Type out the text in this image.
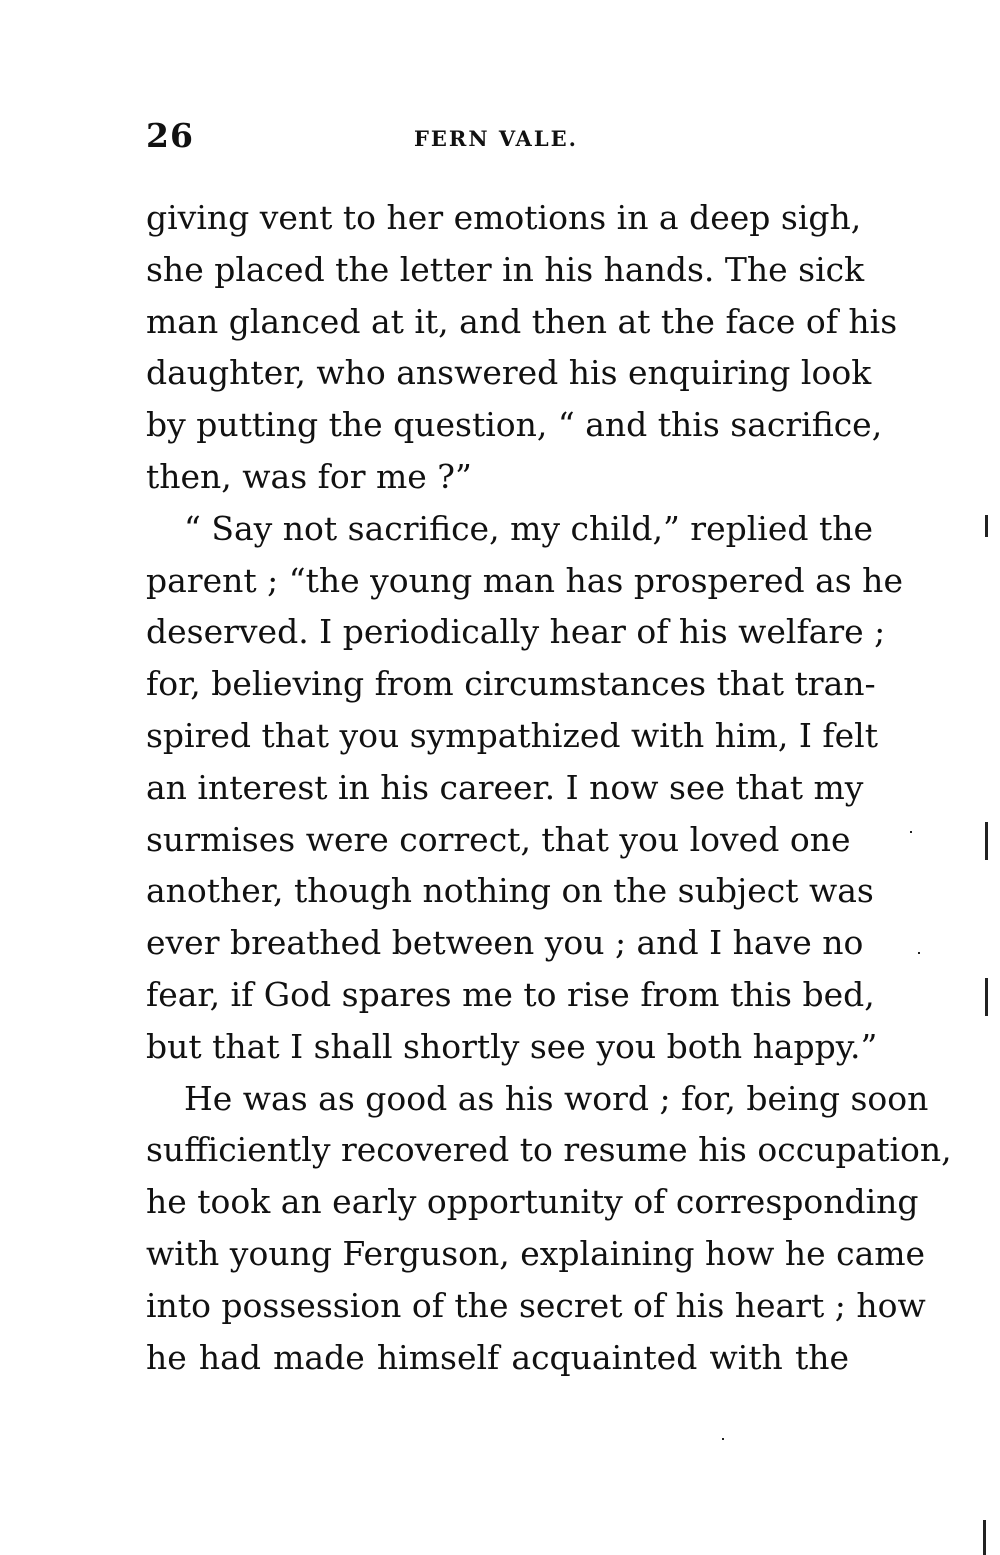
26	FERN VALE.
giving vent to her emotions in a deep sigh,
she placed the letter in his hands. The sick
man glanced at it, and then at the face of his
daughter, who answered his enquiring look
by putting the question, “ and this sacrifice,
then, was for me ?”
“ Say not sacrifice, my child,” replied the
parent ; “the young man has prospered as he
deserved. I periodically hear of his welfare ;
for, believing from circumstances that tran-
spired that you sympathized with him, I felt
an interest in his career. I now see that my
surmises were correct, that you loved one
another, though nothing on the subject was
ever breathed between you ; and I have no
fear, if God spares me to rise from this bed,
but that I shall shortly see you both happy.”
He was as good as his word ; for, being soon
sufficiently recovered to resume his occupation,
he took an early opportunity of corresponding
with young Ferguson, explaining how he came
into possession of the secret of his heart ; how
he had made himself acquainted with the
